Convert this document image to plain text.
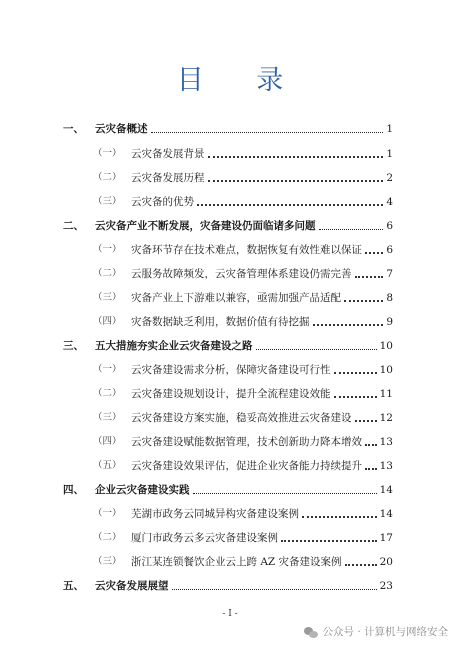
目 录
一、	云灾备概述	1
（一） 云灾备发展背景	1
（二） 云灾备发展历程	2
（三） 云灾备的优势	4
二、	云灾备产业不断发展，灾备建设仍面临诸多问题	6
（一） 灾备环节存在技术难点，数据恢复有效性难以保证 6
（二） 云服务故障频发，云灾备管理体系建设仍需完善	7
（三） 灾备产业上下游难以兼容，亟需加强产品适配	8
（四） 灾备数据缺乏利用，数据价值有待挖掘	9
三、	五大措施夯实企业云灾备建设之路	10
（一） 云灾备建设需求分析，保障灾备建设可行性	10
（二） 云灾备建设规划设计，提升全流程建设效能	11
（三） 云灾备建设方案实施，稳妥高效推进云灾备建设	12
（四） 云灾备建设赋能数据管理，技术创新助力降本增效 13
（五） 云灾备建设效果评估，促进企业灾备能力持续提升 13
四、	企业云灾备建设实践	14
（一） 芜湖市政务云同城异构灾备建设案例	14
（二） 厦门市政务云多云灾备建设案例	17
（三） 浙江某连锁餐饮企业云上跨 AZ 灾备建设案例	20
五、	云灾备发展展望	23
- I -
公众号 · 计算机与网络安全
